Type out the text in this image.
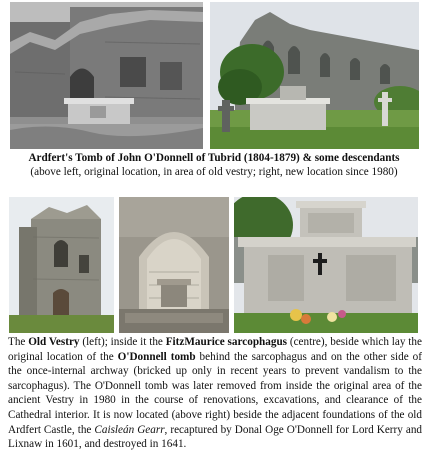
Ardfert's Tomb of John O'Donnell of Tubrid (1804-1879) & some descendants
(above left, original location, in area of old vestry; right, new location since 1980)

The Old Vestry (left); inside it the FitzMaurice sarcophagus (centre), beside which lay the original location of the O'Donnell tomb behind the sarcophagus and on the other side of the once-internal archway (bricked up only in recent years to prevent vandalism to the sarcophagus). The O'Donnell tomb was later removed from inside the original area of the ancient Vestry in 1980 in the course of renovations, excavations, and clearance of the Cathedral interior. It is now located (above right) beside the adjacent foundations of the old Ardfert Castle, the Caisleán Gearr, recaptured by Donal Oge O'Donnell for Lord Kerry and Lixnaw in 1601, and destroyed in 1641.
